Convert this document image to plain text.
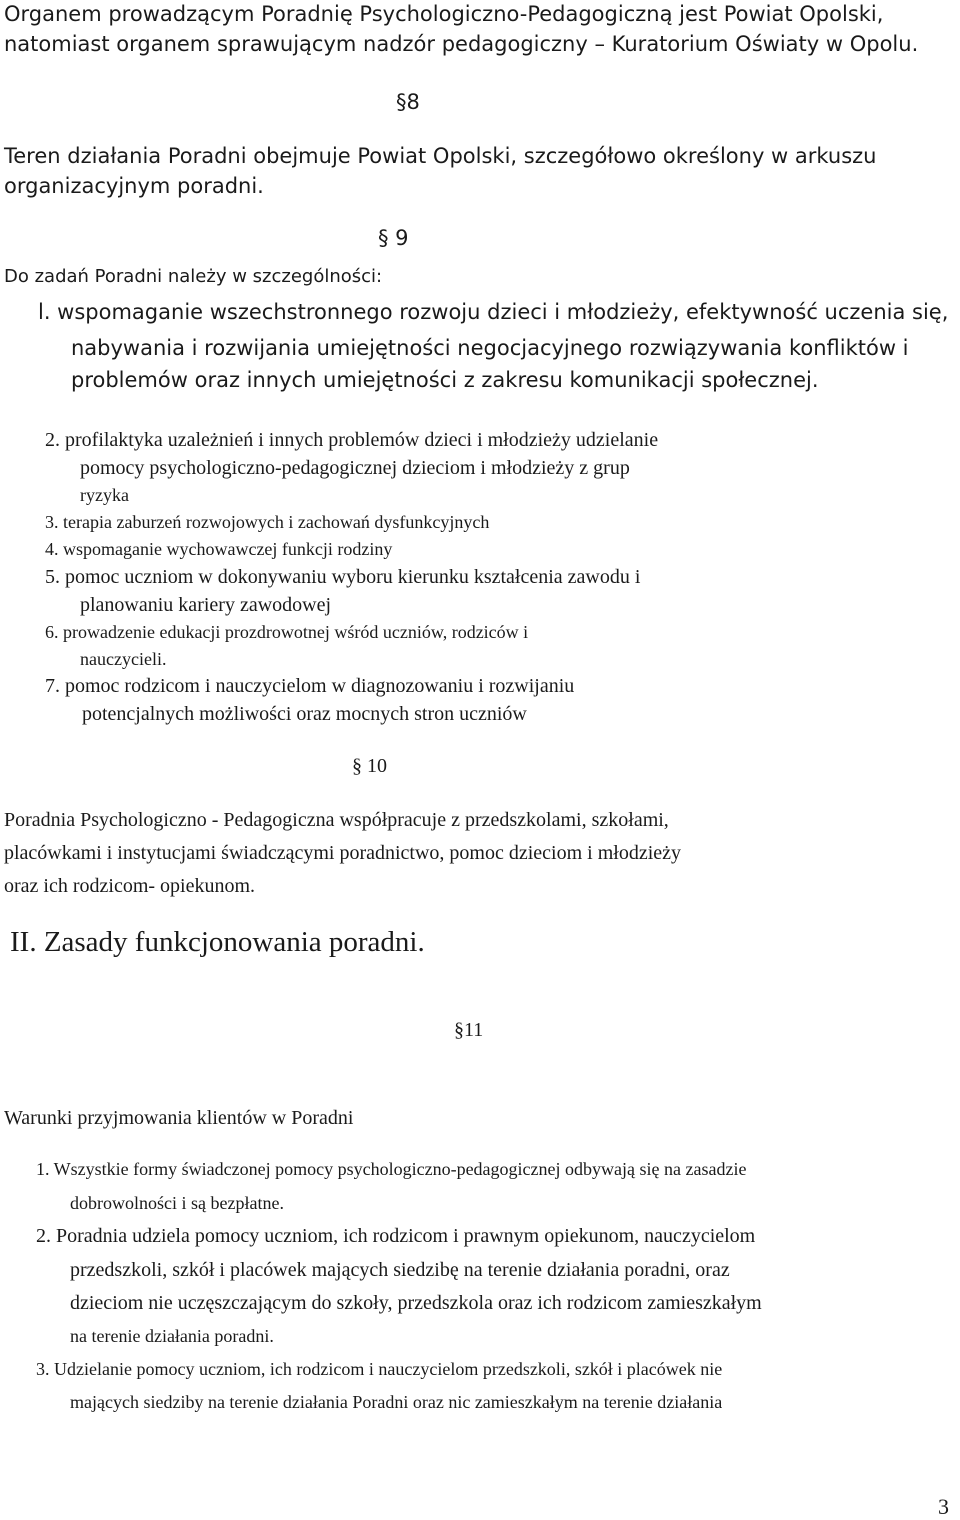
Organem prowadzącym Poradnię Psychologiczno-Pedagogiczną jest Powiat Opolski,
natomiast organem sprawującym nadzór pedagogiczny – Kuratorium Oświaty w Opolu.
§8
Teren działania Poradni obejmuje Powiat Opolski, szczegółowo określony w arkuszu
organizacyjnym poradni.
§ 9
Do zadań Poradni należy w szczególności:
l. wspomaganie wszechstronnego rozwoju dzieci i młodzieży, efektywność uczenia się,
nabywania i rozwijania umiejętności negocjacyjnego rozwiązywania konfliktów i
problemów oraz innych umiejętności z zakresu komunikacji społecznej.
2. profilaktyka uzależnień i innych problemów dzieci i młodzieży udzielanie
pomocy psychologiczno-pedagogicznej dzieciom i młodzieży z grup
ryzyka
3. terapia zaburzeń rozwojowych i zachowań dysfunkcyjnych
4. wspomaganie wychowawczej funkcji rodziny
5. pomoc uczniom w dokonywaniu wyboru kierunku kształcenia zawodu i
planowaniu kariery zawodowej
6. prowadzenie edukacji prozdrowotnej wśród uczniów, rodziców i
nauczycieli.
7. pomoc rodzicom i nauczycielom w diagnozowaniu i rozwijaniu
potencjalnych możliwości oraz mocnych stron uczniów
§ 10
Poradnia Psychologiczno - Pedagogiczna współpracuje z przedszkolami, szkołami,
placówkami i instytucjami świadczącymi poradnictwo, pomoc dzieciom i młodzieży
oraz ich rodzicom- opiekunom.
II. Zasady funkcjonowania poradni.
§11
Warunki przyjmowania klientów w Poradni
1. Wszystkie formy świadczonej pomocy psychologiczno-pedagogicznej odbywają się na zasadzie
dobrowolności i są bezpłatne.
2. Poradnia udziela pomocy uczniom, ich rodzicom i prawnym opiekunom, nauczycielom
przedszkoli, szkół i placówek mających siedzibę na terenie działania poradni, oraz
dzieciom nie uczęszczającym do szkoły, przedszkola oraz ich rodzicom zamieszkałym
na terenie działania poradni.
3. Udzielanie pomocy uczniom, ich rodzicom i nauczycielom przedszkoli, szkół i placówek nie
mających siedziby na terenie działania Poradni oraz nic zamieszkałym na terenie działania
3
